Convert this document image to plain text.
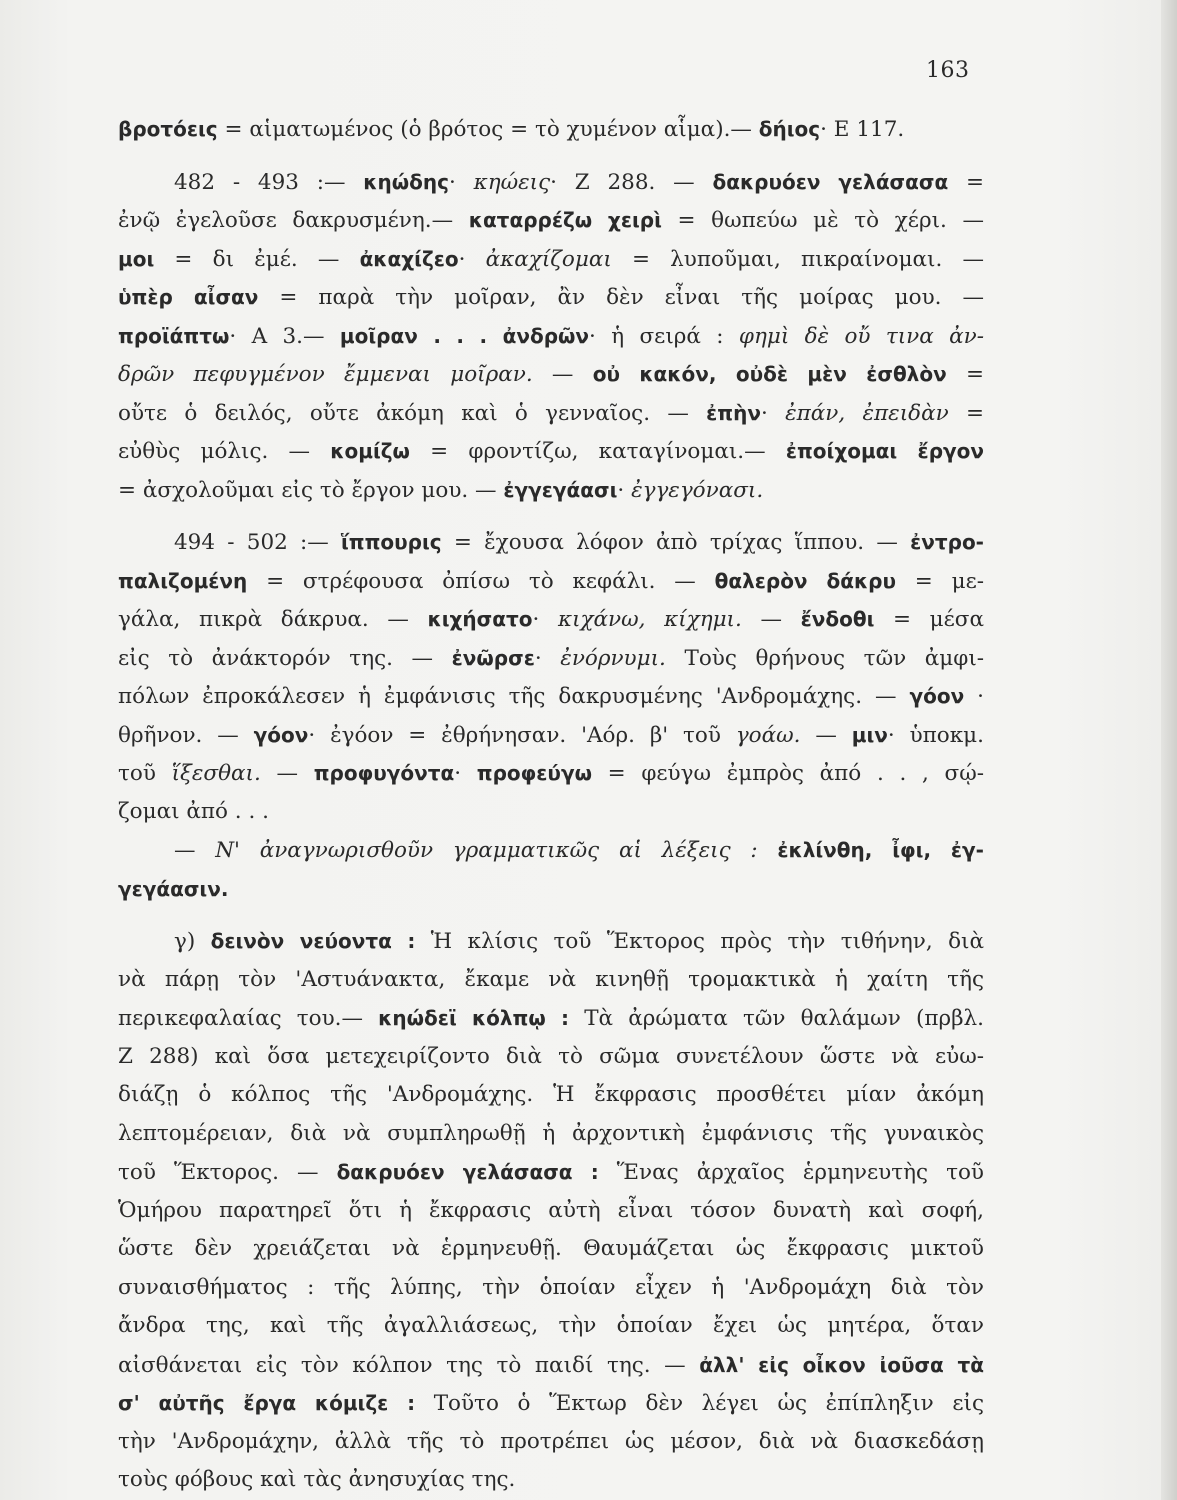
163
βροτόεις = αἱματωμένος (ὁ βρότος = τὸ χυμένον αἷμα).— δήιος· Ε 117.
482 - 493 :— κηώδης· κηώεις· Ζ 288. — δακρυόεν γελάσασα =
ἐνῷ ἐγελοῦσε δακρυσμένη.— καταρρέζω χειρὶ = θωπεύω μὲ τὸ χέρι. —
μοι = δι ἐμέ. — ἀκαχίζεο· ἀκαχίζομαι = λυποῦμαι, πικραίνομαι. —
ὑπὲρ αἶσαν = παρὰ τὴν μοῖραν, ἂν δὲν εἶναι τῆς μοίρας μου. —
προϊάπτω· Α 3.— μοῖραν . . . ἀνδρῶν· ἡ σειρά : φημὶ δὲ οὔ τινα ἀν-
δρῶν πεφυγμένον ἔμμεναι μοῖραν. — οὐ κακόν, οὐδὲ μὲν ἐσθλὸν =
οὔτε ὁ δειλός, οὔτε ἀκόμη καὶ ὁ γενναῖος. — ἐπὴν· ἐπάν, ἐπειδὰν =
εὐθὺς μόλις. — κομίζω = φροντίζω, καταγίνομαι.— ἐποίχομαι ἔργον
= ἀσχολοῦμαι εἰς τὸ ἔργον μου. — ἐγγεγάασι· ἐγγεγόνασι.
494 - 502 :— ἵππουρις = ἔχουσα λόφον ἀπὸ τρίχας ἵππου. — ἐντρο-
παλιζομένη = στρέφουσα ὀπίσω τὸ κεφάλι. — θαλερὸν δάκρυ = με-
γάλα, πικρὰ δάκρυα. — κιχήσατο· κιχάνω, κίχημι. — ἔνδοθι = μέσα
εἰς τὸ ἀνάκτορόν της. — ἐνῶρσε· ἐνόρνυμι. Τοὺς θρήνους τῶν ἀμφι-
πόλων ἐπροκάλεσεν ἡ ἐμφάνισις τῆς δακρυσμένης 'Ανδρομάχης. — γόον ·
θρῆνον. — γόον· ἐγόον = ἐθρήνησαν. 'Αόρ. β' τοῦ γοάω. — μιν· ὑποκμ.
τοῦ ἵξεσθαι. — προφυγόντα· προφεύγω = φεύγω ἐμπρὸς ἀπό . . , σῴ-
ζομαι ἀπό . . .
— Ν' ἀναγνωρισθοῦν γραμματικῶς αἱ λέξεις : ἐκλίνθη, ἶφι, ἐγ-
γεγάασιν.
γ) δεινὸν νεύοντα : Ἡ κλίσις τοῦ Ἕκτορος πρὸς τὴν τιθήνην, διὰ
νὰ πάρῃ τὸν 'Αστυάνακτα, ἔκαμε νὰ κινηθῇ τρομακτικὰ ἡ χαίτη τῆς
περικεφαλαίας του.— κηώδεϊ κόλπῳ : Τὰ ἀρώματα τῶν θαλάμων (πρβλ.
Ζ 288) καὶ ὅσα μετεχειρίζοντο διὰ τὸ σῶμα συνετέλουν ὥστε νὰ εὐω-
διάζῃ ὁ κόλπος τῆς 'Ανδρομάχης. Ἡ ἔκφρασις προσθέτει μίαν ἀκόμη
λεπτομέρειαν, διὰ νὰ συμπληρωθῇ ἡ ἀρχοντικὴ ἐμφάνισις τῆς γυναικὸς
τοῦ Ἕκτορος. — δακρυόεν γελάσασα : Ἕνας ἀρχαῖος ἑρμηνευτὴς τοῦ
Ὁμήρου παρατηρεῖ ὅτι ἡ ἔκφρασις αὐτὴ εἶναι τόσον δυνατὴ καὶ σοφή,
ὥστε δὲν χρειάζεται νὰ ἑρμηνευθῇ. Θαυμάζεται ὡς ἔκφρασις μικτοῦ
συναισθήματος : τῆς λύπης, τὴν ὁποίαν εἶχεν ἡ 'Ανδρομάχη διὰ τὸν
ἄνδρα της, καὶ τῆς ἀγαλλιάσεως, τὴν ὁποίαν ἔχει ὡς μητέρα, ὅταν
αἰσθάνεται εἰς τὸν κόλπον της τὸ παιδί της. — ἀλλ' εἰς οἶκον ἰοῦσα τὰ
σ' αὐτῆς ἔργα κόμιζε : Τοῦτο ὁ Ἕκτωρ δὲν λέγει ὡς ἐπίπληξιν εἰς
τὴν 'Ανδρομάχην, ἀλλὰ τῆς τὸ προτρέπει ὡς μέσον, διὰ νὰ διασκεδάσῃ
τοὺς φόβους καὶ τὰς ἀνησυχίας της.
